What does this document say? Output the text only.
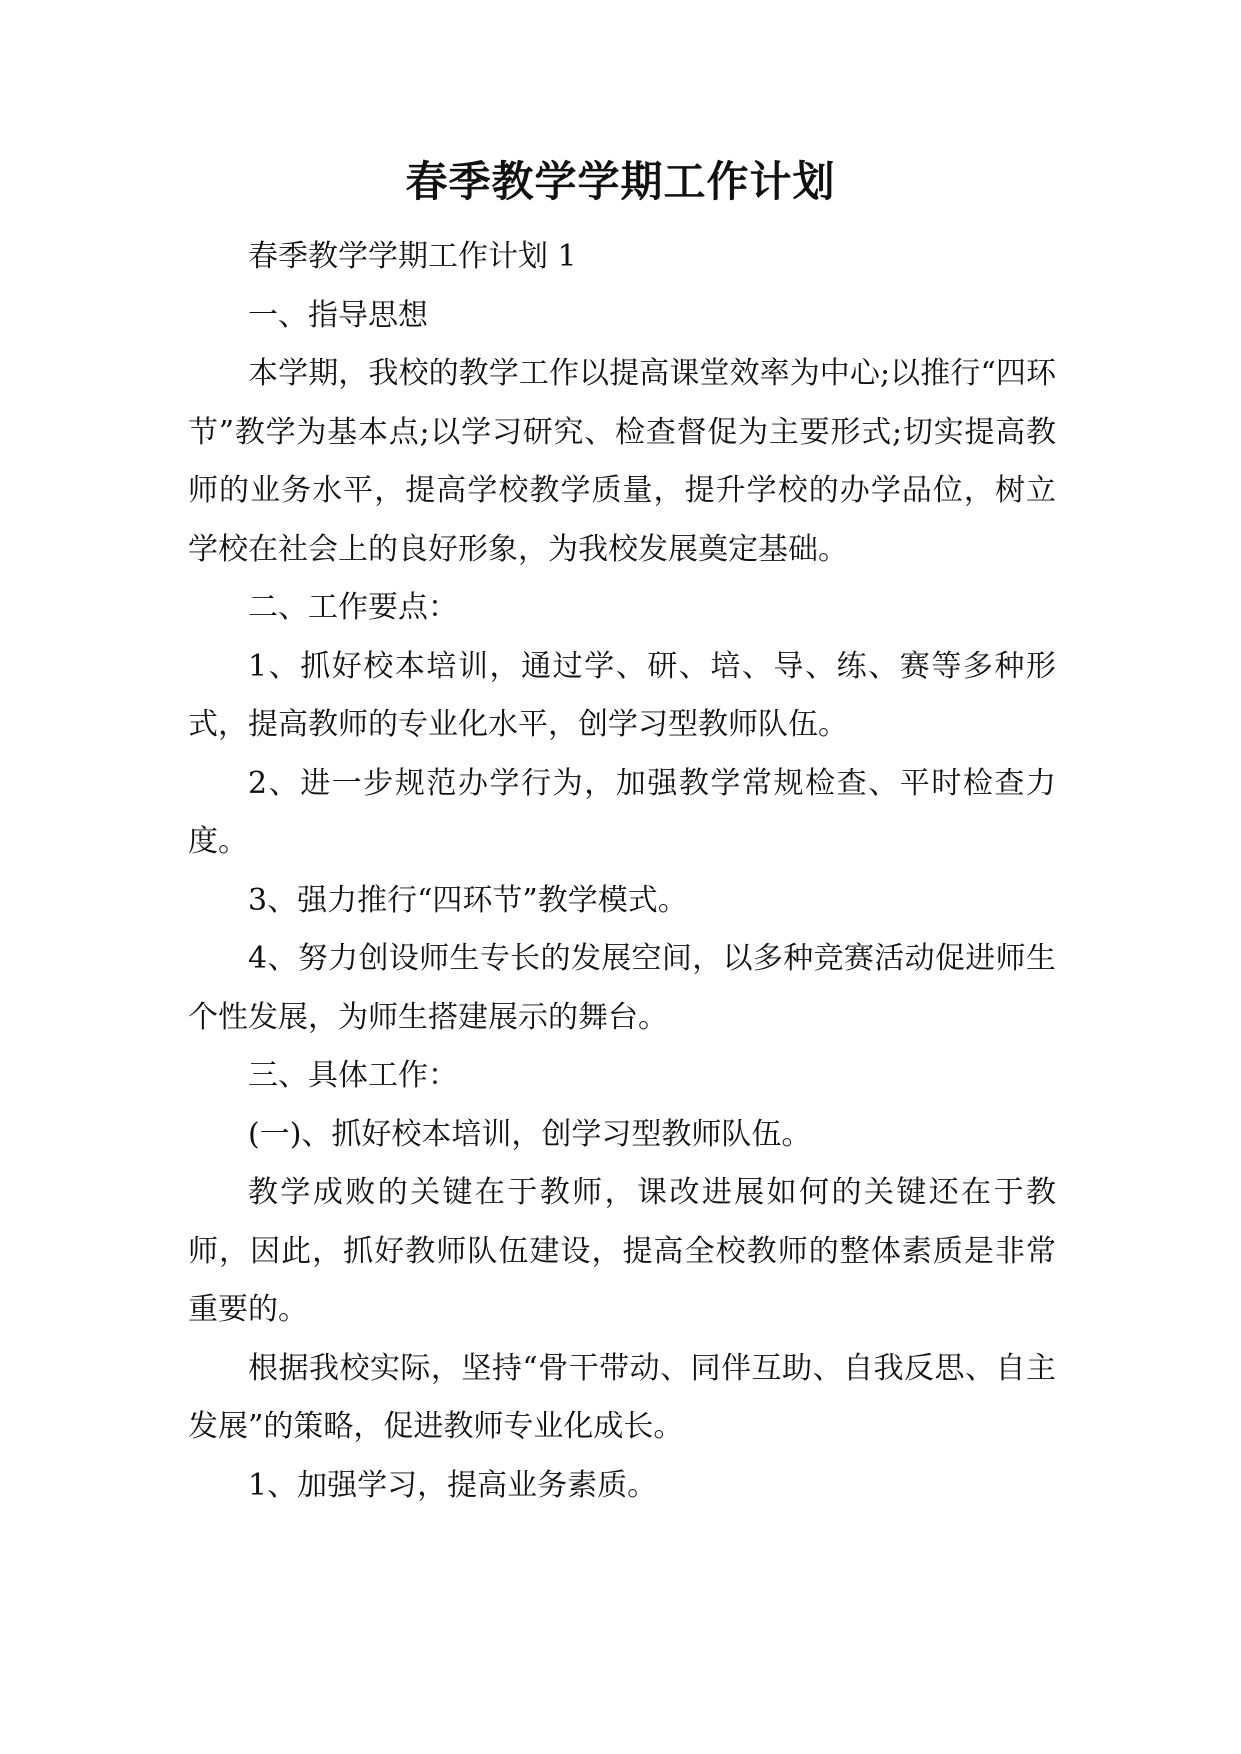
春季教学学期工作计划

春季教学学期工作计划 1

一、指导思想

本学期，我校的教学工作以提高课堂效率为中心;以推行“四环节”教学为基本点;以学习研究、检查督促为主要形式;切实提高教师的业务水平，提高学校教学质量，提升学校的办学品位，树立学校在社会上的良好形象，为我校发展奠定基础。

二、工作要点：

1、抓好校本培训，通过学、研、培、导、练、赛等多种形式，提高教师的专业化水平，创学习型教师队伍。

2、进一步规范办学行为，加强教学常规检查、平时检查力度。

3、强力推行“四环节”教学模式。

4、努力创设师生专长的发展空间，以多种竞赛活动促进师生个性发展，为师生搭建展示的舞台。

三、具体工作：

(一)、抓好校本培训，创学习型教师队伍。

教学成败的关键在于教师，课改进展如何的关键还在于教师，因此，抓好教师队伍建设，提高全校教师的整体素质是非常重要的。

根据我校实际，坚持“骨干带动、同伴互助、自我反思、自主发展”的策略，促进教师专业化成长。

1、加强学习，提高业务素质。
